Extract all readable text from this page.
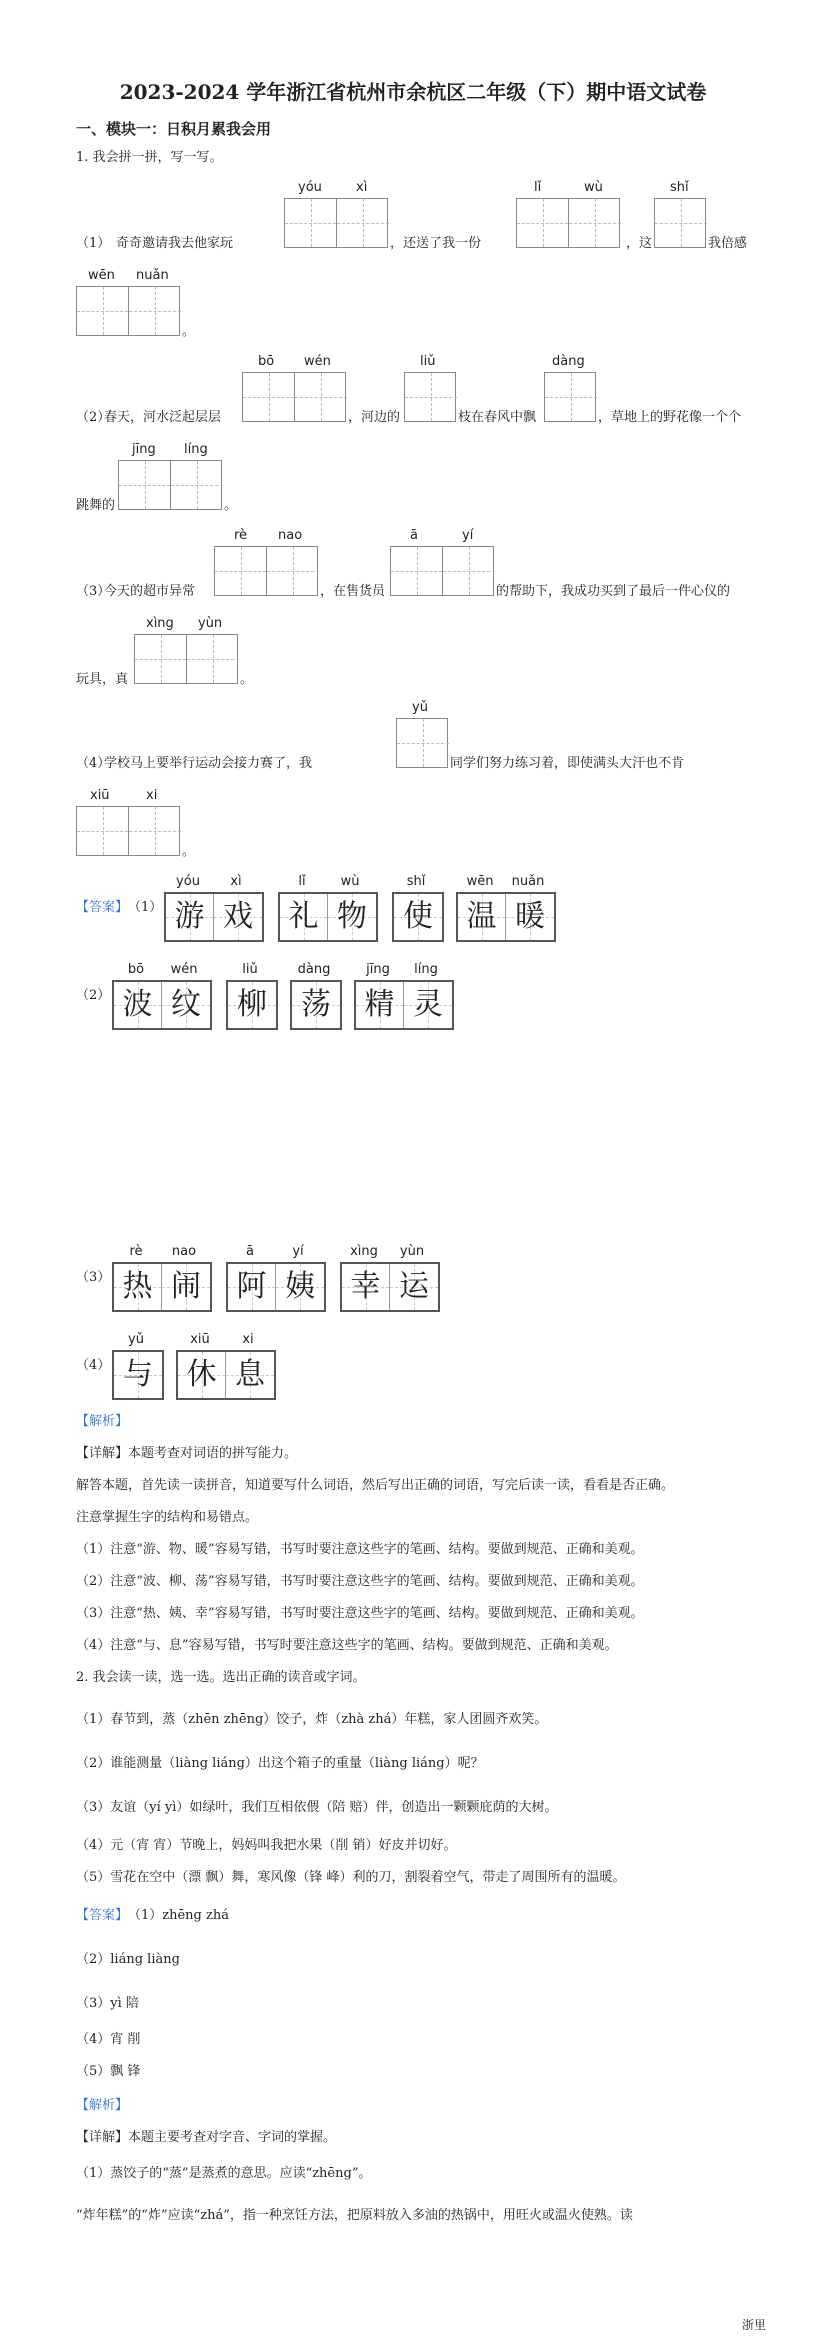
2023-2024 学年浙江省杭州市余杭区二年级（下）期中语文试卷
一、模块一：日积月累我会用
1. 我会拼一拼，写一写。
yóu	xì	lǐ	wù	shǐ
（1） 奇奇邀请我去他家玩	，还送了我一份	，这	我倍感
wēn nuǎn
。
bō wén	liǔ	dàng
（2）
春天，河水泛起层层	，河边的	枝在春风中飘	，草地上的野花像一个个
jīng líng
跳舞的	。
rè nao	ā	yí
（3）
今天的超市异常	，在售货员	的帮助下，我成功买到了最后一件心仪的
xìng yùn
玩具，真	。
yǔ
（4）
学校马上要举行运动会接力赛了，我	同学们努力练习着，即使满头大汗也不肯
xiū	xi
。
【答案】 （1）
yóu	xì
游 戏
lǐ	wù
礼 物
shǐ
使
wēn	nuǎn
温 暖
（2）
bō	wén
波 纹
liǔ
柳
dàng
荡
jīng	líng
精 灵
（3）
rè	nao
热 闹
ā	yí
阿 姨
xìng	yùn
幸 运
（4）
yǔ
与
xiū	xi
休 息
【解析】
【详解】本题考查对词语的拼写能力。
解答本题，首先读一读拼音，知道要写什么词语，然后写出正确的词语，写完后读一读，看看是否正确。
注意掌握生字的结构和易错点。
（1）注意“游、物、暖”容易写错，书写时要注意这些字的笔画、结构。要做到规范、正确和美观。
（2）注意“波、柳、荡”容易写错，书写时要注意这些字的笔画、结构。要做到规范、正确和美观。
（3）注意“热、姨、幸”容易写错，书写时要注意这些字的笔画、结构。要做到规范、正确和美观。
（4）注意“与、息”容易写错，书写时要注意这些字的笔画、结构。要做到规范、正确和美观。
2. 我会读一读，选一选。选出正确的读音或字词。
（1）春节到，蒸（zhēn zhēng）饺子，炸（zhà zhá）年糕，家人团圆齐欢笑。
（2）谁能测量（liàng liáng）出这个箱子的重量（liàng liáng）呢？
（3）友谊（yí yì）如绿叶，我们互相依偎（陪 赔）伴，创造出一颗颗庇荫的大树。
（4）元（宵 宵）节晚上，妈妈叫我把水果（削 销）好皮并切好。
（5）雪花在空中（漂 飘）舞，寒风像（锋 峰）利的刀，割裂着空气，带走了周围所有的温暖。
【答案】 （1）zhēng zhá
（2）liáng liàng
（3）yì 陪
（4）宵 削
（5）飘 锋
【解析】
【详解】本题主要考查对字音、字词的掌握。
（1）蒸饺子的“蒸”是蒸煮的意思。应读“zhēng”。
“炸年糕”的“炸”应读“zhá”，指一种烹饪方法，把原料放入多油的热锅中，用旺火或温火使熟。读
浙里
